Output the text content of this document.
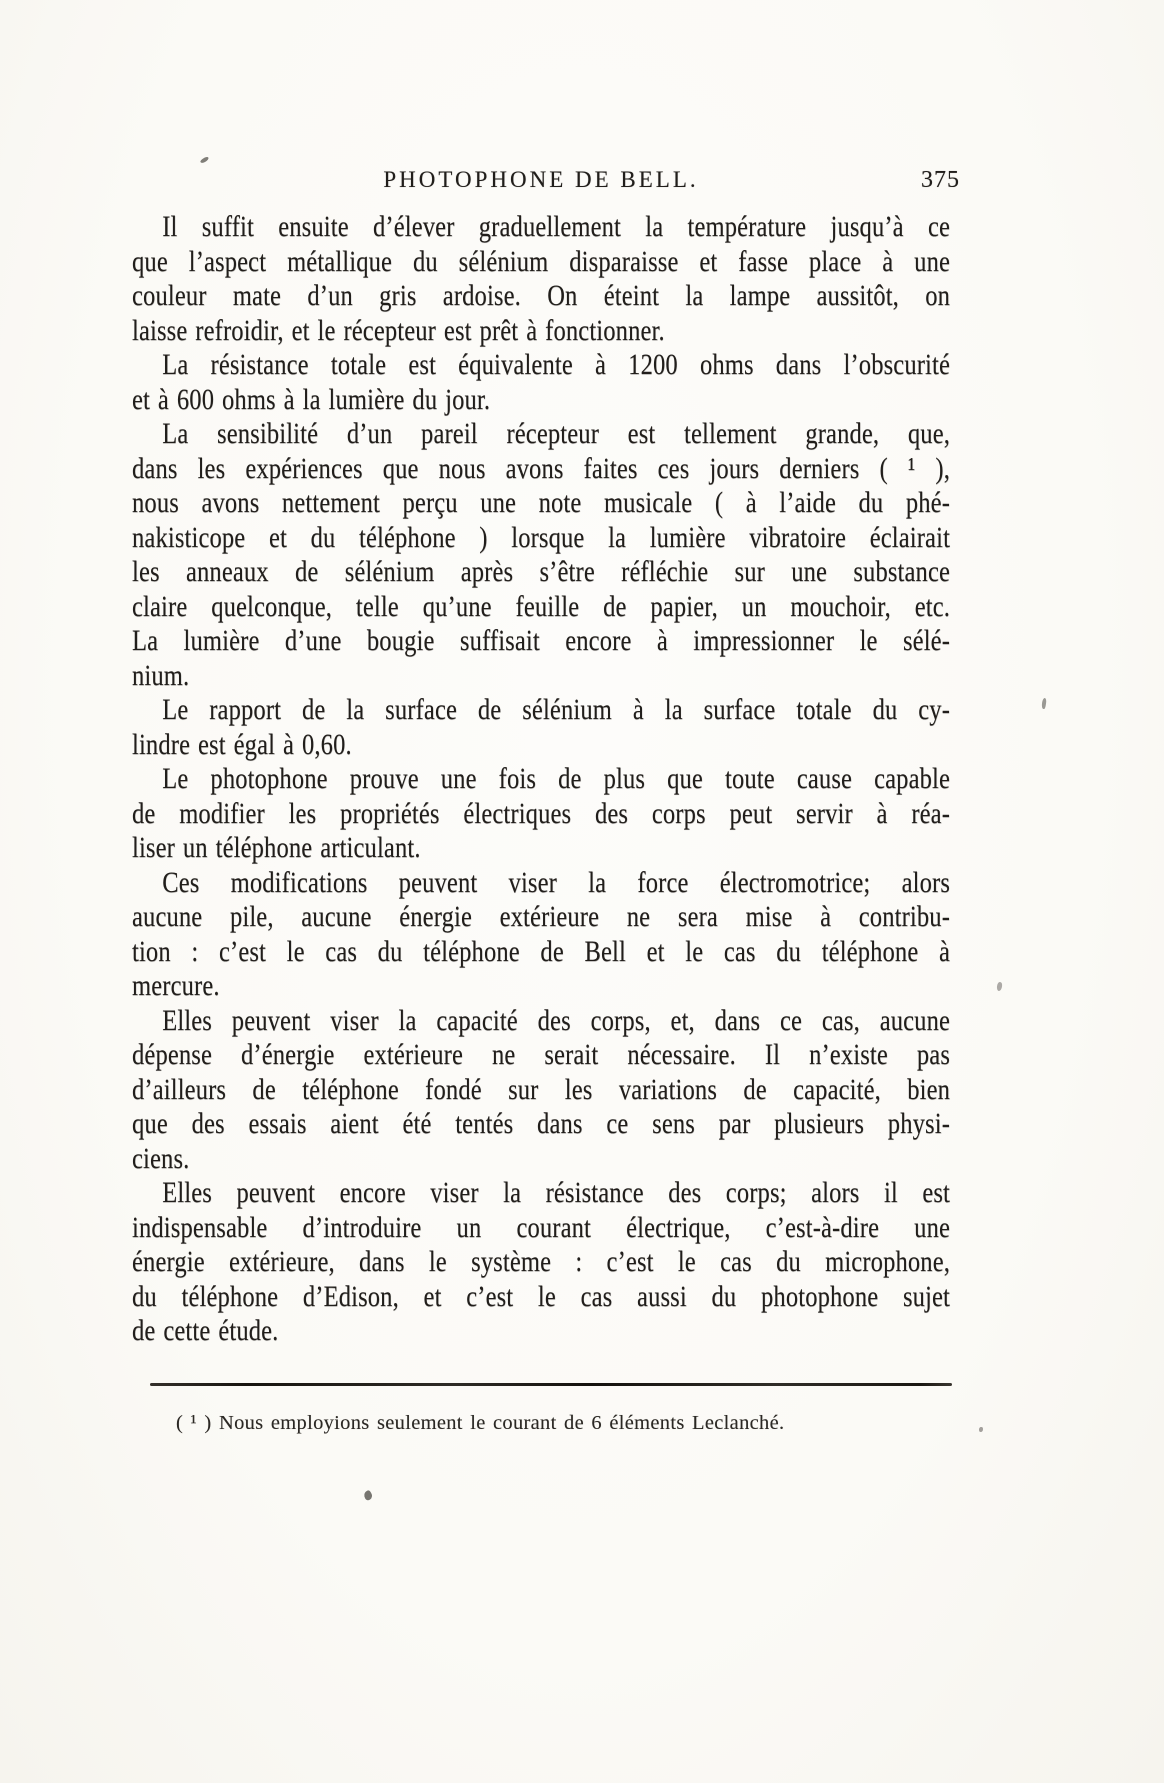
PHOTOPHONE DE BELL.	375
Il suffit ensuite d’élever graduellement la température jusqu’à ce
que l’aspect métallique du sélénium disparaisse et fasse place à une
couleur mate d’un gris ardoise. On éteint la lampe aussitôt, on
laisse refroidir, et le récepteur est prêt à fonctionner.
La résistance totale est équivalente à 1200 ohms dans l’obscurité
et à 600 ohms à la lumière du jour.
La sensibilité d’un pareil récepteur est tellement grande, que,
dans les expériences que nous avons faites ces jours derniers ( ¹ ),
nous avons nettement perçu une note musicale ( à l’aide du phé-
nakisticope et du téléphone ) lorsque la lumière vibratoire éclairait
les anneaux de sélénium après s’être réfléchie sur une substance
claire quelconque, telle qu’une feuille de papier, un mouchoir, etc.
La lumière d’une bougie suffisait encore à impressionner le sélé-
nium.
Le rapport de la surface de sélénium à la surface totale du cy-
lindre est égal à 0,60.
Le photophone prouve une fois de plus que toute cause capable
de modifier les propriétés électriques des corps peut servir à réa-
liser un téléphone articulant.
Ces modifications peuvent viser la force électromotrice; alors
aucune pile, aucune énergie extérieure ne sera mise à contribu-
tion : c’est le cas du téléphone de Bell et le cas du téléphone à
mercure.
Elles peuvent viser la capacité des corps, et, dans ce cas, aucune
dépense d’énergie extérieure ne serait nécessaire. Il n’existe pas
d’ailleurs de téléphone fondé sur les variations de capacité, bien
que des essais aient été tentés dans ce sens par plusieurs physi-
ciens.
Elles peuvent encore viser la résistance des corps; alors il est
indispensable d’introduire un courant électrique, c’est-à-dire une
énergie extérieure, dans le système : c’est le cas du microphone,
du téléphone d’Edison, et c’est le cas aussi du photophone sujet
de cette étude.
( ¹ ) Nous employions seulement le courant de 6 éléments Leclanché.
